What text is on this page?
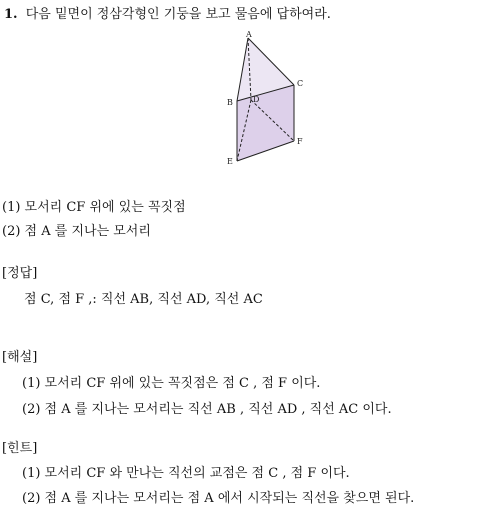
1. 다음 밑면이 정삼각형인 기둥을 보고 물음에 답하여라.
A
B
C
D
E
F
(1) 모서리 CF 위에 있는 꼭짓점
(2) 점 A 를 지나는 모서리
[정답]
점 C, 점 F ,: 직선 AB, 직선 AD, 직선 AC
[해설]
(1) 모서리 CF 위에 있는 꼭짓점은 점 C , 점 F 이다.
(2) 점 A 를 지나는 모서리는 직선 AB , 직선 AD , 직선 AC 이다.
[힌트]
(1) 모서리 CF 와 만나는 직선의 교점은 점 C , 점 F 이다.
(2) 점 A 를 지나는 모서리는 점 A 에서 시작되는 직선을 찾으면 된다.
